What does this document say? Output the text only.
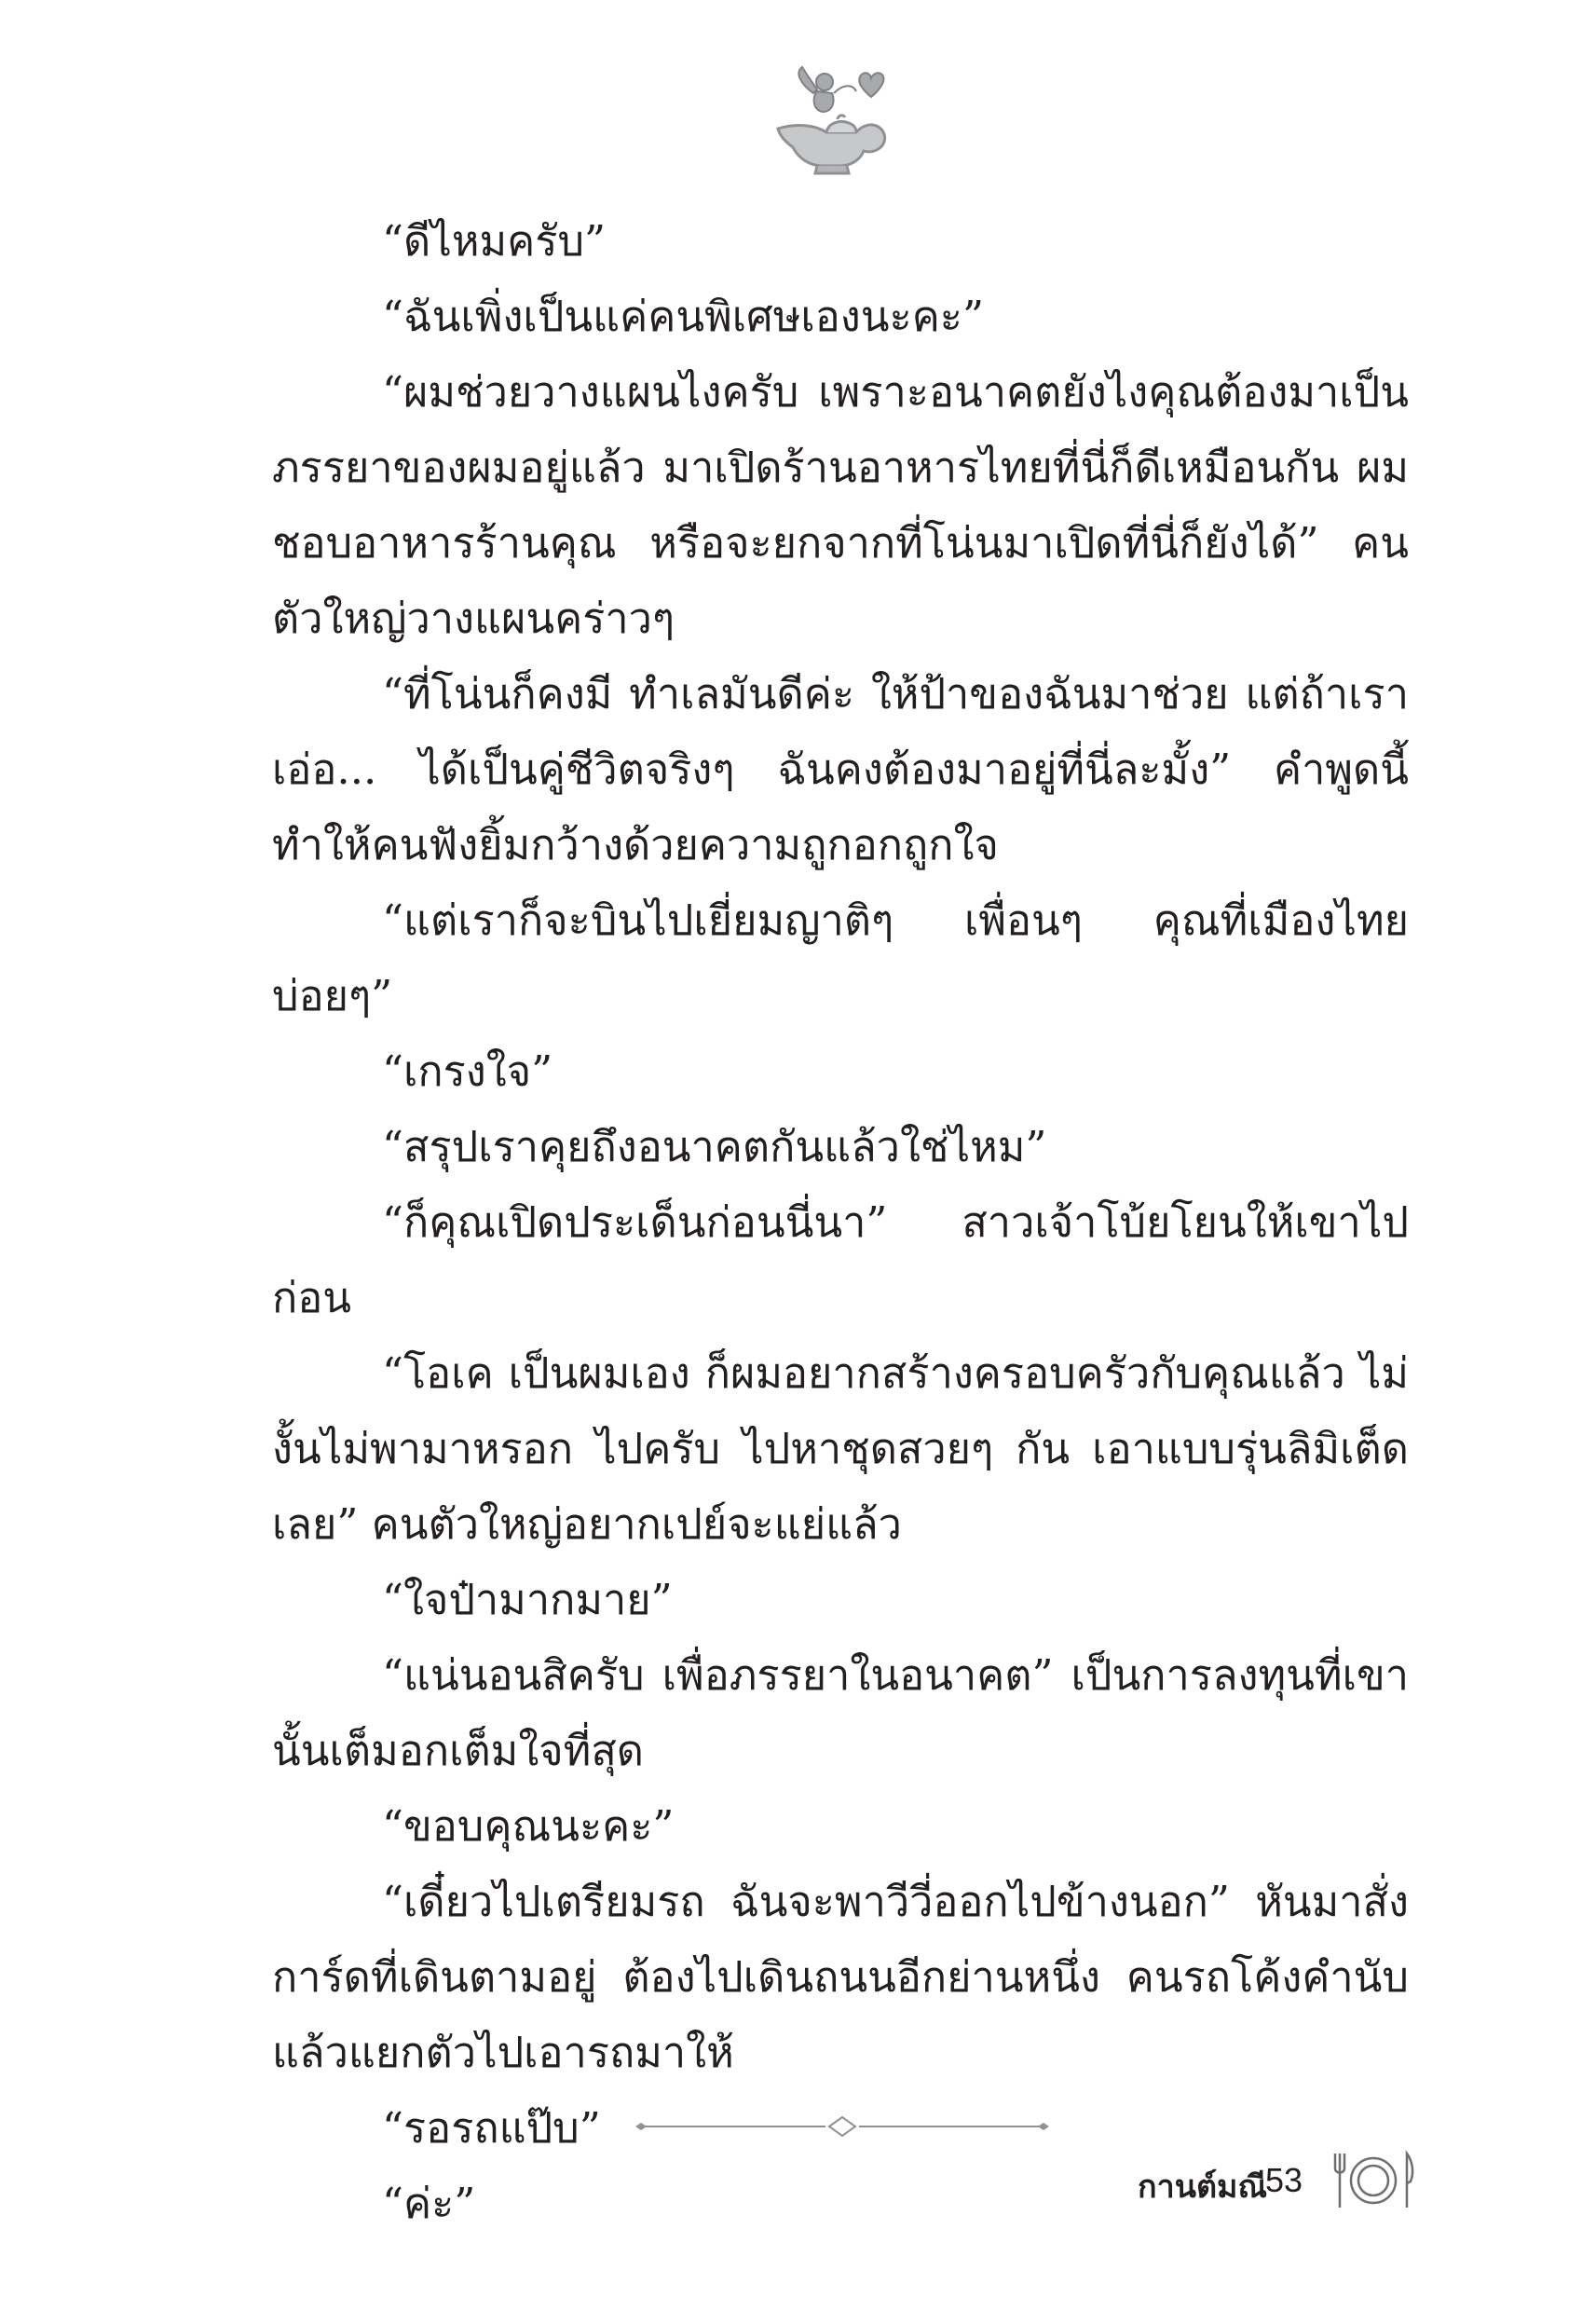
“ดีไหมครับ”

“ฉันเพิ่งเป็นแค่คนพิเศษเองนะคะ”

“ผมช่วยวางแผนไงครับ เพราะอนาคตยังไงคุณต้องมาเป็นภรรยาของผมอยู่แล้ว มาเปิดร้านอาหารไทยที่นี่ก็ดีเหมือนกัน ผมชอบอาหารร้านคุณ หรือจะยกจากที่โน่นมาเปิดที่นี่ก็ยังได้” คนตัวใหญ่วางแผนคร่าวๆ

“ที่โน่นก็คงมี ทำเลมันดีค่ะ ให้ป้าของฉันมาช่วย แต่ถ้าเรา เอ่อ... ได้เป็นคู่ชีวิตจริงๆ ฉันคงต้องมาอยู่ที่นี่ละมั้ง” คำพูดนี้ทำให้คนฟังยิ้มกว้างด้วยความถูกอกถูกใจ

“แต่เราก็จะบินไปเยี่ยมญาติๆ เพื่อนๆ คุณที่เมืองไทยบ่อยๆ”

“เกรงใจ”

“สรุปเราคุยถึงอนาคตกันแล้วใช่ไหม”

“ก็คุณเปิดประเด็นก่อนนี่นา” สาวเจ้าโบ้ยโยนให้เขาไปก่อน

“โอเค เป็นผมเอง ก็ผมอยากสร้างครอบครัวกับคุณแล้ว ไม่งั้นไม่พามาหรอก ไปครับ ไปหาชุดสวยๆ กัน เอาแบบรุ่นลิมิเต็ดเลย” คนตัวใหญ่อยากเปย์จะแย่แล้ว

“ใจป๋ามากมาย”

“แน่นอนสิครับ เพื่อภรรยาในอนาคต” เป็นการลงทุนที่เขานั้นเต็มอกเต็มใจที่สุด

“ขอบคุณนะคะ”

“เดี๋ยวไปเตรียมรถ ฉันจะพาวีวี่ออกไปข้างนอก” หันมาสั่งการ์ดที่เดินตามอยู่ ต้องไปเดินถนนอีกย่านหนึ่ง คนรถโค้งคำนับแล้วแยกตัวไปเอารถมาให้

“รอรถแป๊บ”

“ค่ะ”	กานต์มณี
53
